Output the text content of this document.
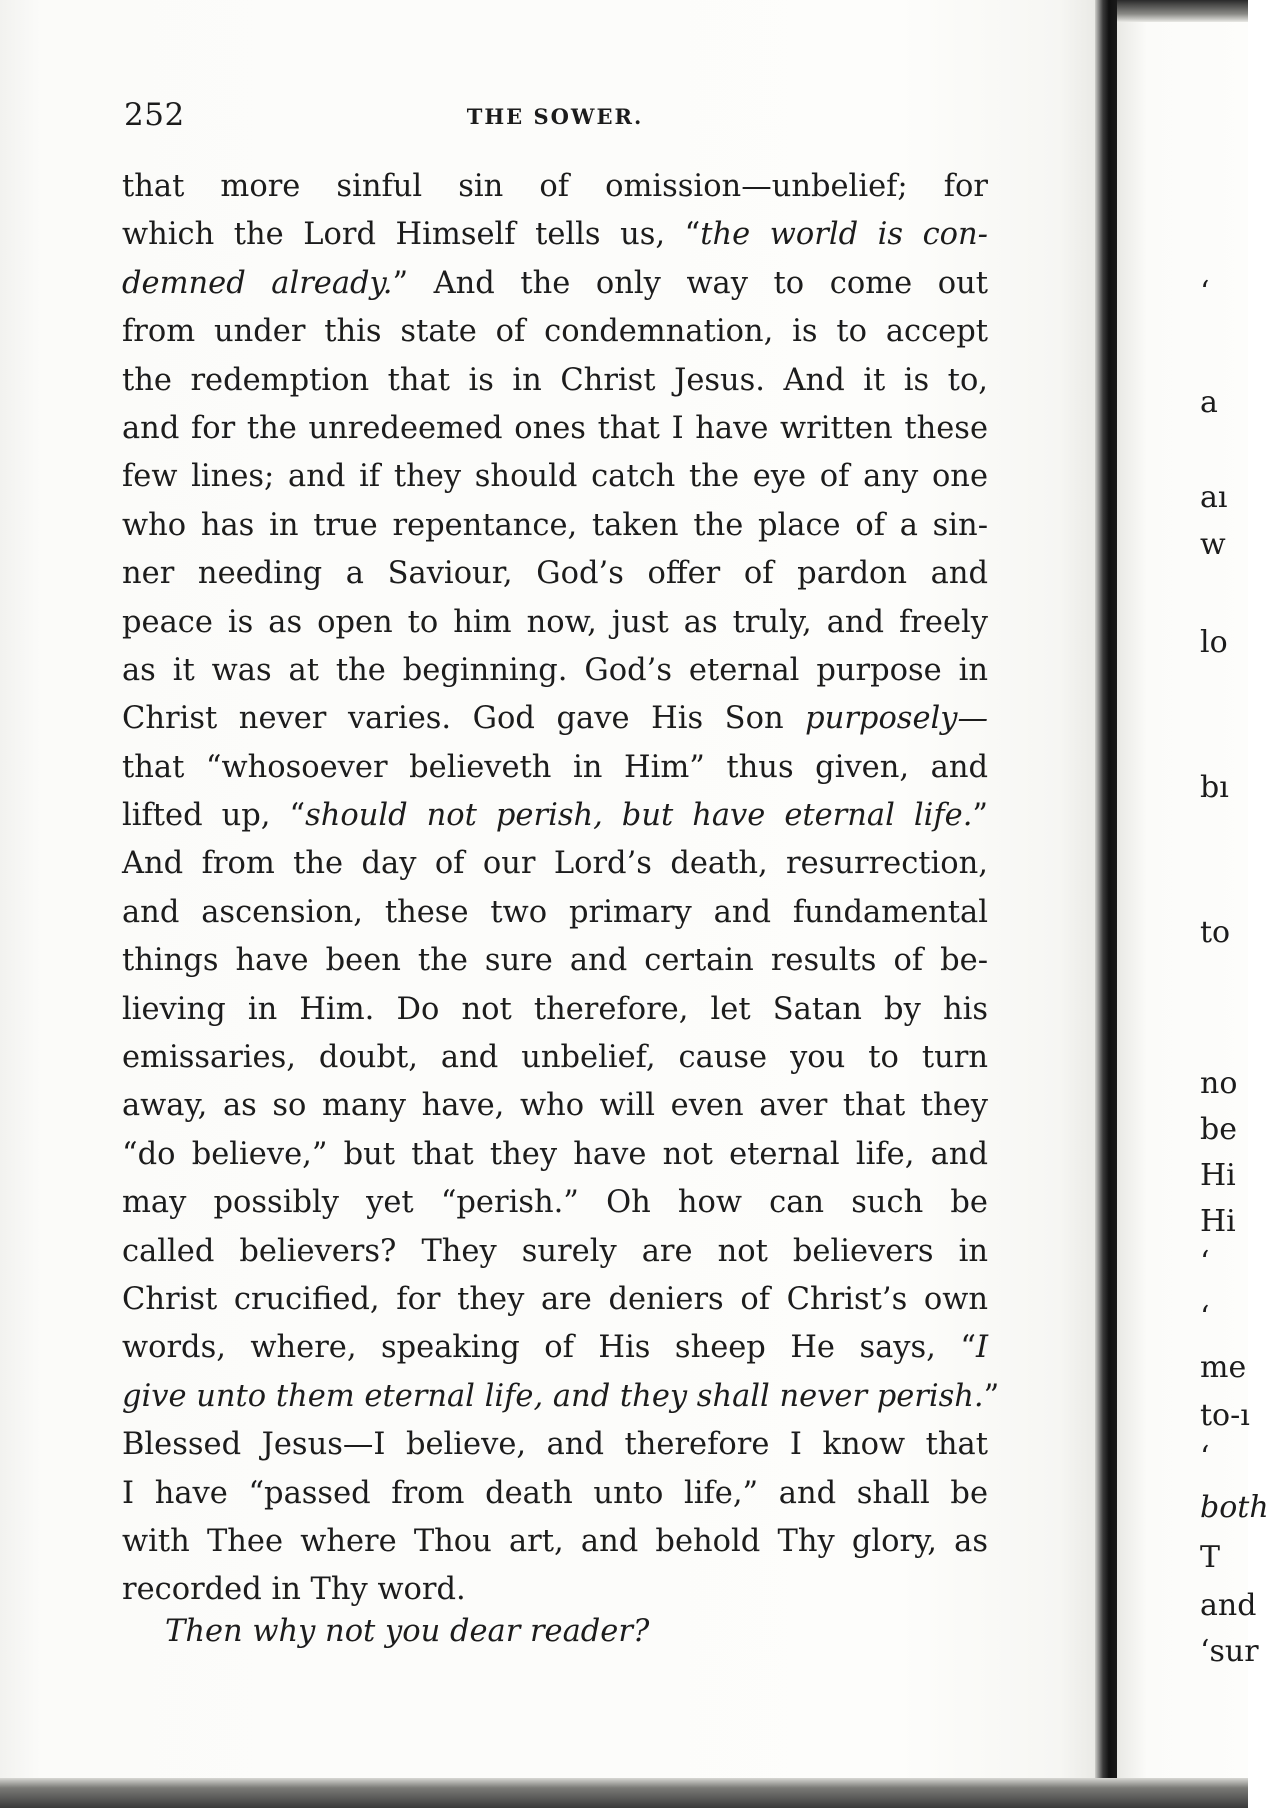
252	THE SOWER.
that more sinful sin of omission—unbelief; for
which the Lord Himself tells us, “the world is con-
demned already.” And the only way to come out
from under this state of condemnation, is to accept
the redemption that is in Christ Jesus. And it is to,
and for the unredeemed ones that I have written these
few lines; and if they should catch the eye of any one
who has in true repentance, taken the place of a sin-
ner needing a Saviour, God’s offer of pardon and
peace is as open to him now, just as truly, and freely
as it was at the beginning. God’s eternal purpose in
Christ never varies. God gave His Son purposely—
that “whosoever believeth in Him” thus given, and
lifted up, “should not perish, but have eternal life.”
And from the day of our Lord’s death, resurrection,
and ascension, these two primary and fundamental
things have been the sure and certain results of be-
lieving in Him. Do not therefore, let Satan by his
emissaries, doubt, and unbelief, cause you to turn
away, as so many have, who will even aver that they
“do believe,” but that they have not eternal life, and
may possibly yet “perish.” Oh how can such be
called believers? They surely are not believers in
Christ crucified, for they are deniers of Christ’s own
words, where, speaking of His sheep He says, “I
give unto them eternal life, and they shall never perish.”
Blessed Jesus—I believe, and therefore I know that
I have “passed from death unto life,” and shall be
with Thee where Thou art, and behold Thy glory, as
recorded in Thy word.
Then why not you dear reader?
‘
a
aı
w
lo
bı
to
no
be
Hi
Hi
‘
‘
me
to-ı
‘
both
T
and
‘sur
